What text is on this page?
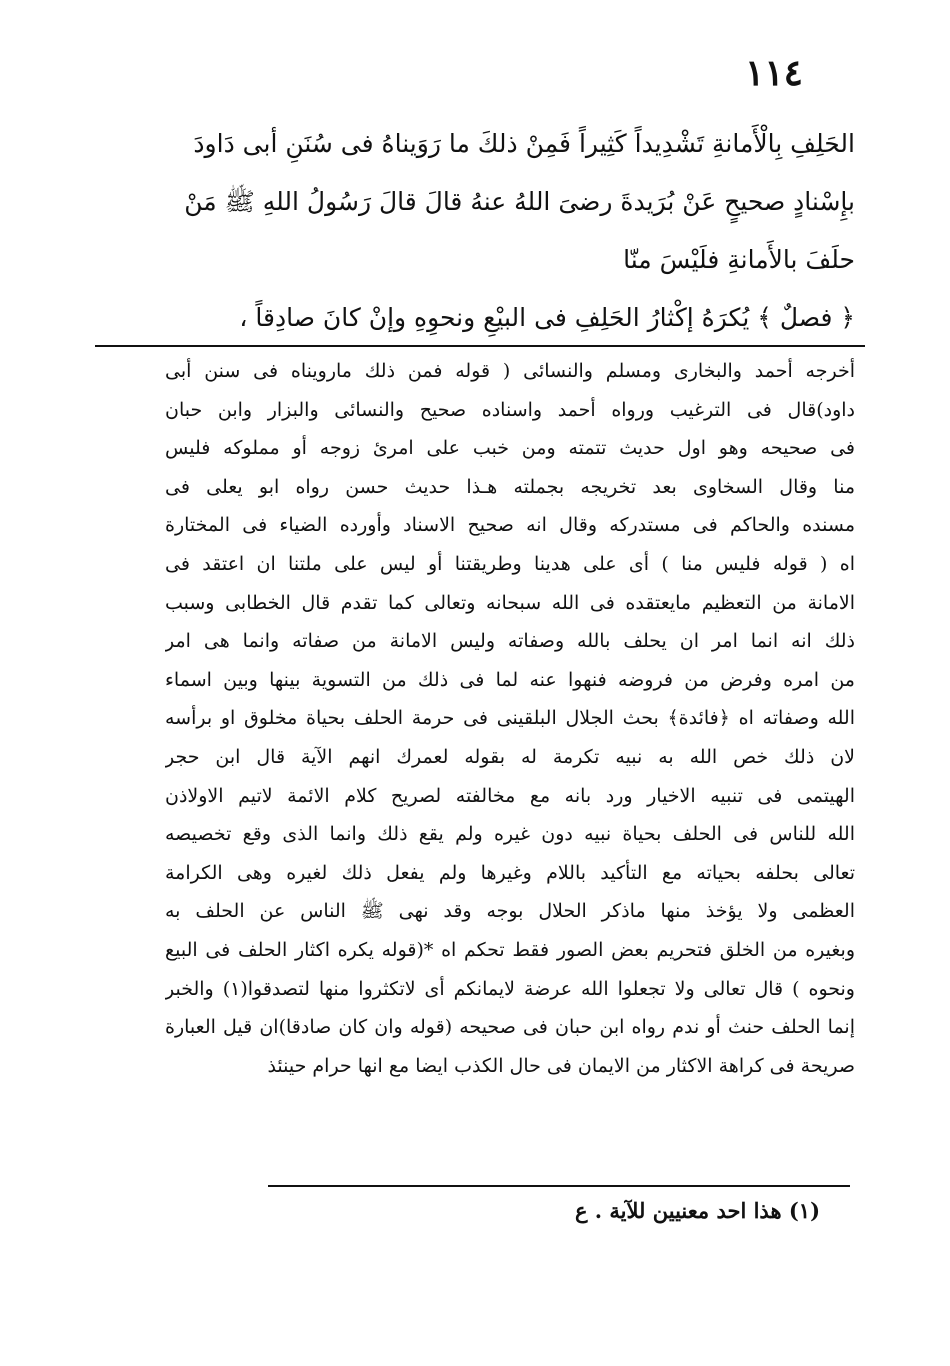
١١٤
الحَلِفِ بِالْأَمانةِ تَشْدِيداً كَثِيراً فَمِنْ ذلكَ ما رَوَيناهُ فى سُنَنِ أبى دَاودَ
بإِسْنادٍ صحيحٍ عَنْ بُرَيدةَ رضىَ اللهُ عنهُ قالَ قالَ رَسُولُ اللهِ ﷺ مَنْ
حلَفَ بالأَمانةِ فلَيْسَ منّا
﴿ فصلٌ ﴾ يُكرَهُ إكْثارُ الحَلِفِ فى البيْعِ ونحوِهِ وإنْ كانَ صادِقاً ،
أخرجه أحمد والبخارى ومسلم والنسائى ( قوله فمن ذلك مارويناه فى سنن أبى
داود)قال فى الترغيب ورواه أحمد واسناده صحيح والنسائى والبزار وابن حبان
فى صحيحه وهو اول حديث تتمته ومن خبب على امرئ زوجه أو مملوكه فليس
منا وقال السخاوى بعد تخريجه بجملته هـذا حديث حسن رواه ابو يعلى فى
مسنده والحاكم فى مستدركه وقال انه صحيح الاسناد وأورده الضياء فى المختارة
اه ( قوله فليس منا ) أى على هدينا وطريقتنا أو ليس على ملتنا ان اعتقد فى
الامانة من التعظيم مايعتقده فى الله سبحانه وتعالى كما تقدم قال الخطابى وسبب
ذلك انه انما امر ان يحلف بالله وصفاته وليس الامانة من صفاته وانما هى امر
من امره وفرض من فروضه فنهوا عنه لما فى ذلك من التسوية بينها وبين اسماء
الله وصفاته اه ﴿فائدة﴾ بحث الجلال البلقينى فى حرمة الحلف بحياة مخلوق او برأسه
لان ذلك خص الله به نبيه تكرمة له بقوله لعمرك انهم الآية قال ابن حجر
الهيتمى فى تنبيه الاخيار ورد بانه مع مخالفته لصريح كلام الائمة لاتيم الاولاذن
الله للناس فى الحلف بحياة نبيه دون غيره ولم يقع ذلك وانما الذى وقع تخصيصه
تعالى بحلفه بحياته مع التأكيد باللام وغيرها ولم يفعل ذلك لغيره وهى الكرامة
العظمى ولا يؤخذ منها ماذكر الحلال بوجه وقد نهى ﷺ الناس عن الحلف به
وبغيره من الخلق فتحريم بعض الصور فقط تحكم اه *(قوله يكره اكثار الحلف فى البيع
ونحوه ) قال تعالى ولا تجعلوا الله عرضة لايمانكم أى لاتكثروا منها لتصدقوا(١) والخبر
إنما الحلف حنث أو ندم رواه ابن حبان فى صحيحه (قوله وان كان صادقا)ان قيل العبارة
صريحة فى كراهة الاكثار من الايمان فى حال الكذب ايضا مع انها حرام حينئذ
(١) هذا احد معنيين للآية . ع
